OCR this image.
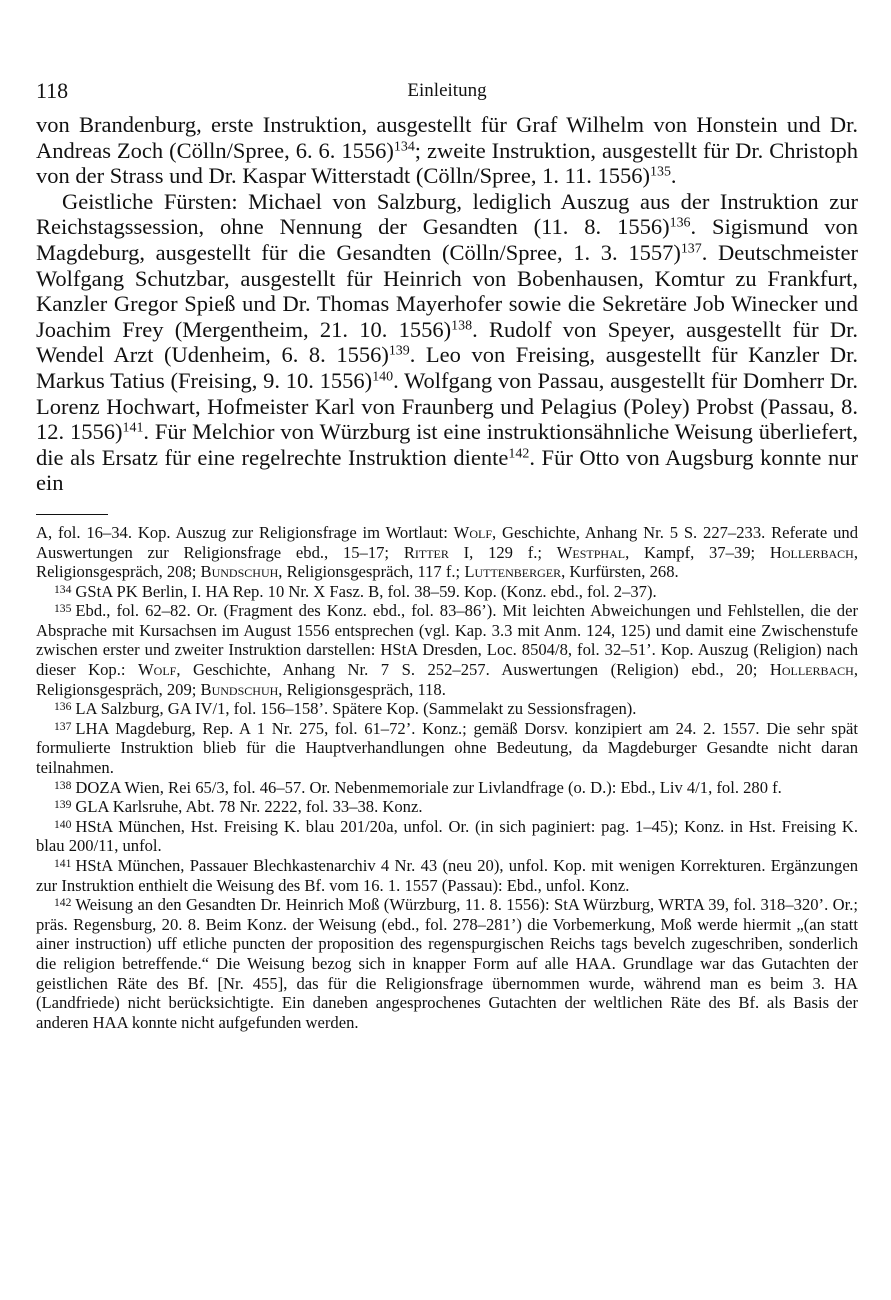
118	Einleitung

von Brandenburg, erste Instruktion, ausgestellt für Graf Wilhelm von Honstein und Dr. Andreas Zoch (Cölln/Spree, 6. 6. 1556)$^{134}$; zweite Instruktion, ausgestellt für Dr. Christoph von der Strass und Dr. Kaspar Witterstadt (Cölln/Spree, 1. 11. 1556)$^{135}$.

Geistliche Fürsten: Michael von Salzburg, lediglich Auszug aus der Instruktion zur Reichstagssession, ohne Nennung der Gesandten (11. 8. 1556)$^{136}$. Sigismund von Magdeburg, ausgestellt für die Gesandten (Cölln/Spree, 1. 3. 1557)$^{137}$. Deutschmeister Wolfgang Schutzbar, ausgestellt für Heinrich von Bobenhausen, Komtur zu Frankfurt, Kanzler Gregor Spieß und Dr. Thomas Mayerhofer sowie die Sekretäre Job Winecker und Joachim Frey (Mergentheim, 21. 10. 1556)$^{138}$. Rudolf von Speyer, ausgestellt für Dr. Wendel Arzt (Udenheim, 6. 8. 1556)$^{139}$. Leo von Freising, ausgestellt für Kanzler Dr. Markus Tatius (Freising, 9. 10. 1556)$^{140}$. Wolfgang von Passau, ausgestellt für Domherr Dr. Lorenz Hochwart, Hofmeister Karl von Fraunberg und Pelagius (Poley) Probst (Passau, 8. 12. 1556)$^{141}$. Für Melchior von Würzburg ist eine instruktionsähnliche Weisung überliefert, die als Ersatz für eine regelrechte Instruktion diente$^{142}$. Für Otto von Augsburg konnte nur ein

A, fol. 16–34. Kop. Auszug zur Religionsfrage im Wortlaut: Wolf, Geschichte, Anhang Nr. 5 S. 227–233. Referate und Auswertungen zur Religionsfrage ebd., 15–17; Ritter I, 129 f.; Westphal, Kampf, 37–39; Hollerbach, Religionsgespräch, 208; Bundschuh, Religionsgespräch, 117 f.; Luttenberger, Kurfürsten, 268.

$^{134}$ GStA PK Berlin, I. HA Rep. 10 Nr. X Fasz. B, fol. 38–59. Kop. (Konz. ebd., fol. 2–37).

$^{135}$ Ebd., fol. 62–82. Or. (Fragment des Konz. ebd., fol. 83–86’). Mit leichten Abweichungen und Fehlstellen, die der Absprache mit Kursachsen im August 1556 entsprechen (vgl. Kap. 3.3 mit Anm. 124, 125) und damit eine Zwischenstufe zwischen erster und zweiter Instruktion darstellen: HStA Dresden, Loc. 8504/8, fol. 32–51’. Kop. Auszug (Religion) nach dieser Kop.: Wolf, Geschichte, Anhang Nr. 7 S. 252–257. Auswertungen (Religion) ebd., 20; Hollerbach, Religionsgespräch, 209; Bundschuh, Religionsgespräch, 118.

$^{136}$ LA Salzburg, GA IV/1, fol. 156–158’. Spätere Kop. (Sammelakt zu Sessionsfragen).

$^{137}$ LHA Magdeburg, Rep. A 1 Nr. 275, fol. 61–72’. Konz.; gemäß Dorsv. konzipiert am 24. 2. 1557. Die sehr spät formulierte Instruktion blieb für die Hauptverhandlungen ohne Bedeutung, da Magdeburger Gesandte nicht daran teilnahmen.

$^{138}$ DOZA Wien, Rei 65/3, fol. 46–57. Or. Nebenmemoriale zur Livlandfrage (o. D.): Ebd., Liv 4/1, fol. 280 f.

$^{139}$ GLA Karlsruhe, Abt. 78 Nr. 2222, fol. 33–38. Konz.

$^{140}$ HStA München, Hst. Freising K. blau 201/20a, unfol. Or. (in sich paginiert: pag. 1–45); Konz. in Hst. Freising K. blau 200/11, unfol.

$^{141}$ HStA München, Passauer Blechkastenarchiv 4 Nr. 43 (neu 20), unfol. Kop. mit wenigen Korrekturen. Ergänzungen zur Instruktion enthielt die Weisung des Bf. vom 16. 1. 1557 (Passau): Ebd., unfol. Konz.

$^{142}$ Weisung an den Gesandten Dr. Heinrich Moß (Würzburg, 11. 8. 1556): StA Würzburg, WRTA 39, fol. 318–320’. Or.; präs. Regensburg, 20. 8. Beim Konz. der Weisung (ebd., fol. 278–281’) die Vorbemerkung, Moß werde hiermit „(an statt ainer instruction) uff etliche puncten der proposition des regenspurgischen Reichs tags bevelch zugeschriben, sonderlich die religion betreffende.“ Die Weisung bezog sich in knapper Form auf alle HAA. Grundlage war das Gutachten der geistlichen Räte des Bf. [Nr. 455], das für die Religionsfrage übernommen wurde, während man es beim 3. HA (Landfriede) nicht berücksichtigte. Ein daneben angesprochenes Gutachten der weltlichen Räte des Bf. als Basis der anderen HAA konnte nicht aufgefunden werden.
